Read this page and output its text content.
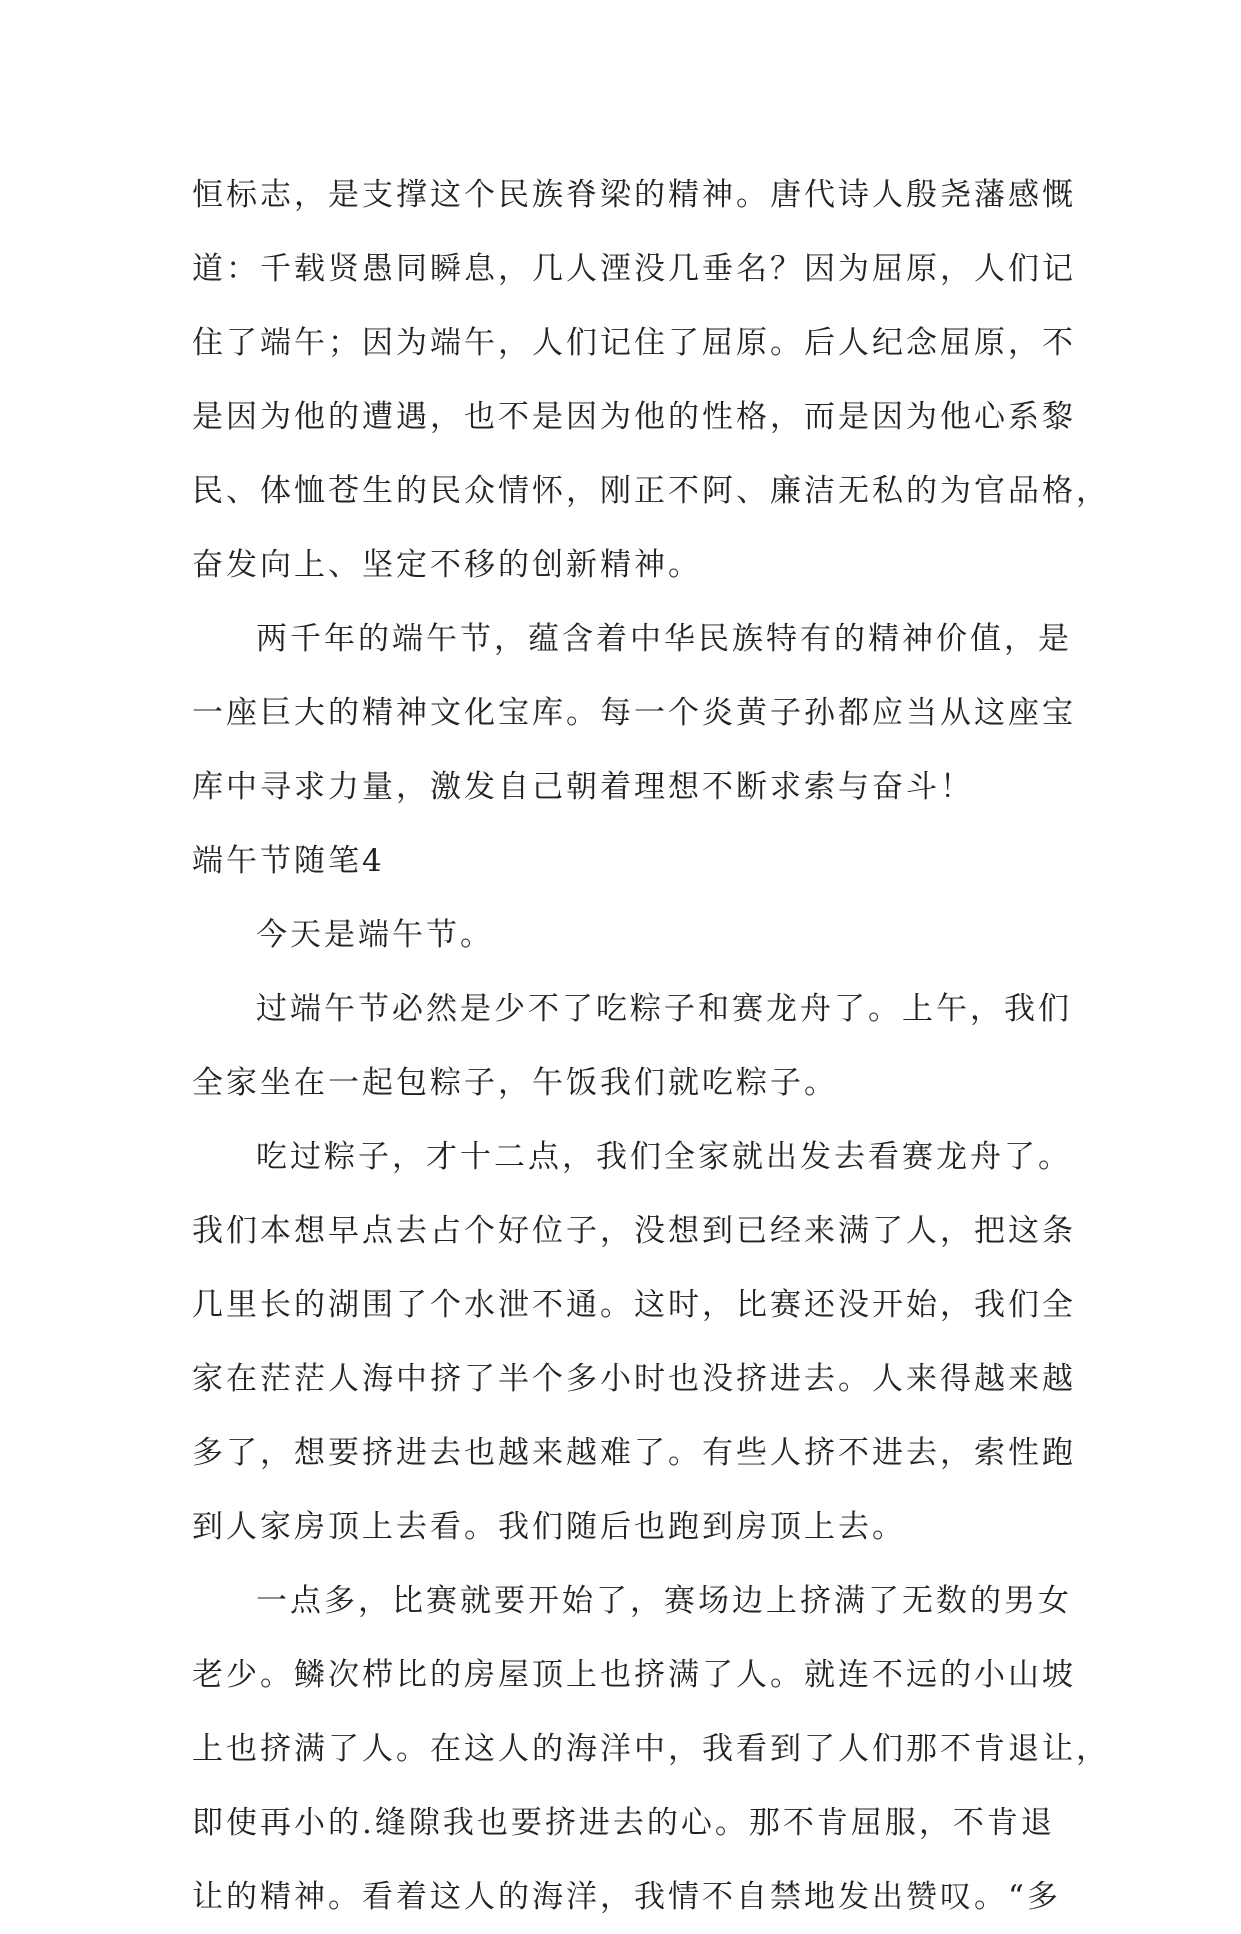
恒标志，是支撑这个民族脊梁的精神。唐代诗人殷尧藩感慨
道：千载贤愚同瞬息，几人湮没几垂名？因为屈原，人们记
住了端午；因为端午，人们记住了屈原。后人纪念屈原，不
是因为他的遭遇，也不是因为他的性格，而是因为他心系黎
民、体恤苍生的民众情怀，刚正不阿、廉洁无私的为官品格，
奋发向上、坚定不移的创新精神。
两千年的端午节，蕴含着中华民族特有的精神价值，是
一座巨大的精神文化宝库。每一个炎黄子孙都应当从这座宝
库中寻求力量，激发自己朝着理想不断求索与奋斗！
端午节随笔4
今天是端午节。
过端午节必然是少不了吃粽子和赛龙舟了。上午，我们
全家坐在一起包粽子，午饭我们就吃粽子。
吃过粽子，才十二点，我们全家就出发去看赛龙舟了。
我们本想早点去占个好位子，没想到已经来满了人，把这条
几里长的湖围了个水泄不通。这时，比赛还没开始，我们全
家在茫茫人海中挤了半个多小时也没挤进去。人来得越来越
多了，想要挤进去也越来越难了。有些人挤不进去，索性跑
到人家房顶上去看。我们随后也跑到房顶上去。
一点多，比赛就要开始了，赛场边上挤满了无数的男女
老少。鳞次栉比的房屋顶上也挤满了人。就连不远的小山坡
上也挤满了人。在这人的海洋中，我看到了人们那不肯退让，
即使再小的.缝隙我也要挤进去的心。那不肯屈服，不肯退
让的精神。看着这人的海洋，我情不自禁地发出赞叹。“多
